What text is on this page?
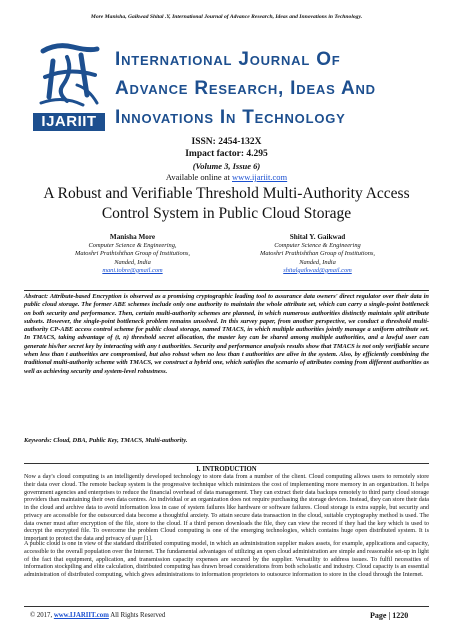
More Manisha, Gaikwad Shital .Y, International Journal of Advance Research, Ideas and Innovations in Technology.
IJARIIT
International Journal Of
Advance Research, Ideas And
Innovations In Technology
ISSN: 2454-132X
Impact factor: 4.295
(Volume 3, Issue 6)
Available online at www.ijariit.com
A Robust and Verifiable Threshold Multi-Authority Access Control System in Public Cloud Storage
Manisha More
Computer Science & Engineering,
Matoshri Prathishthan Group of Institutions,
Nanded, India
mani.tobre@gmail.com
Shital Y. Gaikwad
Computer Science & Engineering
Matoshri Prathishthan Group of Institutions,
Nanded, India
shitalgaikwad@gmail.com
Abstract: Attribute-based Encryption is observed as a promising cryptographic leading tool to assurance data owners' direct regulator over their data in public cloud storage. The former ABE schemes include only one authority to maintain the whole attribute set, which can carry a single-point bottleneck on both security and performance. Then, certain multi-authority schemes are planned, in which numerous authorities distinctly maintain split attribute subsets. However, the single-point bottleneck problem remains unsolved. In this survey paper, from another perspective, we conduct a threshold multi-authority CP-ABE access control scheme for public cloud storage, named TMACS, in which multiple authorities jointly manage a uniform attribute set. In TMACS, taking advantage of (t, n) threshold secret allocation, the master key can be shared among multiple authorities, and a lawful user can generate his/her secret key by interacting with any t authorities. Security and performance analysis results show that TMACS is not only verifiable secure when less than t authorities are compromised, but also robust when no less than t authorities are alive in the system. Also, by efficiently combining the traditional multi-authority scheme with TMACS, we construct a hybrid one, which satisfies the scenario of attributes coming from different authorities as well as achieving security and system-level robustness.
Keywords: Cloud, DBA, Public Key, TMACS, Multi-authority.
I. INTRODUCTION
Now a day's cloud computing is an intelligently developed technology to store data from a number of the client. Cloud computing allows users to remotely store their data over cloud. The remote backup system is the progressive technique which minimizes the cost of implementing more memory in an organization. It helps government agencies and enterprises to reduce the financial overhead of data management. They can extract their data backups remotely to third party cloud storage providers than maintaining their own data centres. An individual or an organization does not require purchasing the storage devices. Instead, they can store their data in the cloud and archive data to avoid information loss in case of system failures like hardware or software failures. Cloud storage is extra supple, but security and privacy are accessible for the outsourced data become a thoughtful anxiety. To attain secure data transaction in the cloud, suitable cryptography method is used. The data owner must after encryption of the file, store to the cloud. If a third person downloads the file, they can view the record if they had the key which is used to decrypt the encrypted file. To overcome the problem Cloud computing is one of the emerging technologies, which contains huge open distributed system. It is important to protect the data and privacy of user [1].
A public cloud is one in view of the standard distributed computing model, in which an administration supplier makes assets, for example, applications and capacity, accessible to the overall population over the Internet. The fundamental advantages of utilizing an open cloud administration are simple and reasonable set-up in light of the fact that equipment, application, and transmission capacity expenses are secured by the supplier. Versatility to address issues. To fulfil necessities of information stockpiling and elite calculation, distributed computing has drawn broad considerations from both scholastic and industry. Cloud capacity is an essential administration of distributed computing, which gives administrations to information proprietors to outsource information to store in the cloud through the Internet.
© 2017, www.IJARIIT.com All Rights Reserved	Page | 1220
